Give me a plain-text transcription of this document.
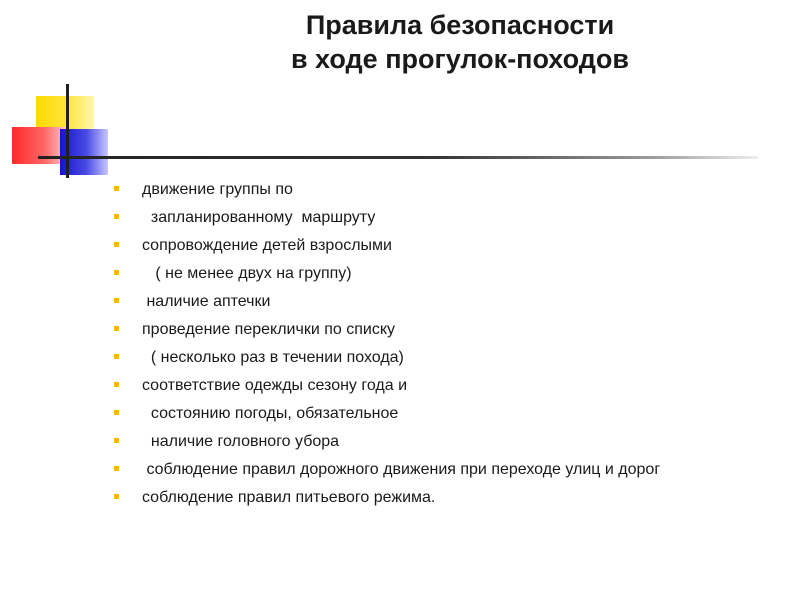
Правила безопасности
в ходе прогулок-походов
движение группы по
запланированному  маршруту
сопровождение детей взрослыми
( не менее двух на группу)
наличие аптечки
проведение переклички по списку
( несколько раз в течении похода)
соответствие одежды сезону года и
состоянию погоды, обязательное
наличие головного убора
соблюдение правил дорожного движения при переходе улиц и дорог
соблюдение правил питьевого режима.
